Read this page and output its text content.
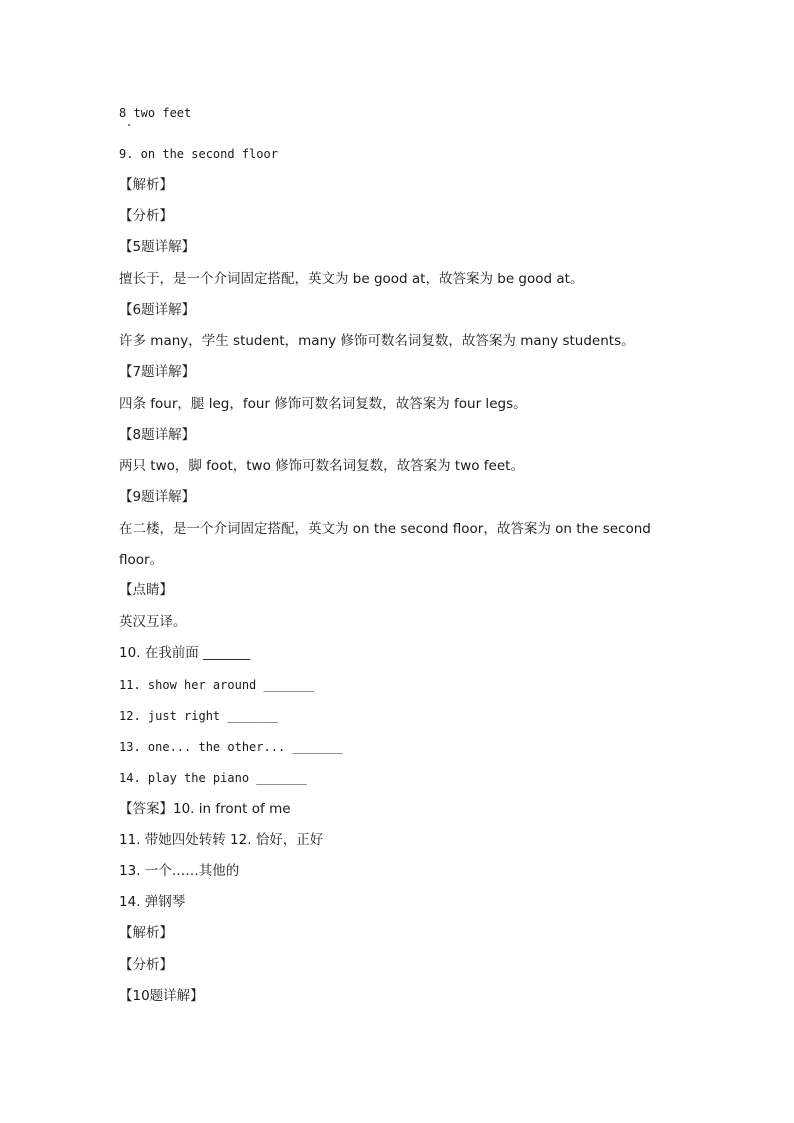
8 two feet
9. on the second floor
【解析】
【分析】
【5题详解】
擅长于，是一个介词固定搭配，英文为 be good at，故答案为 be good at。
【6题详解】
许多 many，学生 student，many 修饰可数名词复数，故答案为 many students。
【7题详解】
四条 four，腿 leg，four 修饰可数名词复数，故答案为 four legs。
【8题详解】
两只 two，脚 foot，two 修饰可数名词复数，故答案为 two feet。
【9题详解】
在二楼，是一个介词固定搭配，英文为 on the second floor，故答案为 on the second
floor。
【点睛】
英汉互译。
10. 在我前面 _______
11. show her around _______
12. just right _______
13. one... the other... _______
14. play the piano _______
【答案】10. in front of me
11. 带她四处转转 12. 恰好，正好
13. 一个……其他的
14. 弹钢琴
【解析】
【分析】
【10题详解】
